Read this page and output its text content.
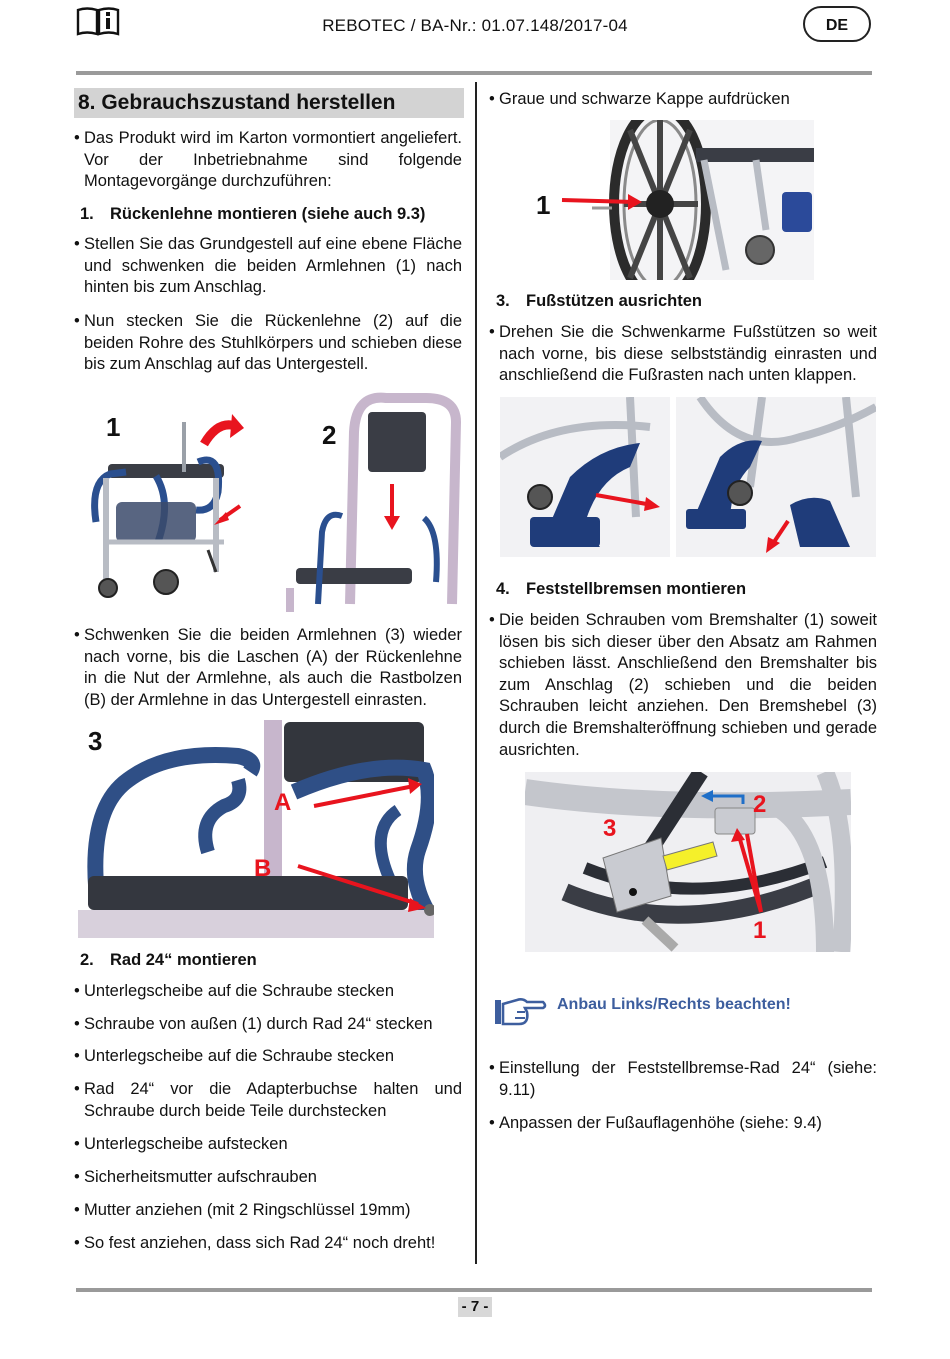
REBOTEC / BA-Nr.: 01.07.148/2017-04	DE
8. Gebrauchszustand herstellen
• Das Produkt wird im Karton vormontiert angeliefert. Vor der Inbetriebnahme sind folgende Montagevorgänge durchzuführen:
1. Rückenlehne montieren (siehe auch 9.3)
• Stellen Sie das Grundgestell auf eine ebene Fläche und schwenken die beiden Armlehnen (1) nach hinten bis zum Anschlag.
• Nun stecken Sie die Rückenlehne (2) auf die beiden Rohre des Stuhlkörpers und schieben diese bis zum Anschlag auf das Untergestell.
1	2
• Schwenken Sie die beiden Armlehnen (3) wieder nach vorne, bis die Laschen (A) der Rückenlehne in die Nut der Armlehne, als auch die Rastbolzen (B) der Armlehne in das Untergestell einrasten.
3
A
B
2. Rad 24“ montieren
• Unterlegscheibe auf die Schraube stecken
• Schraube von außen (1) durch Rad 24“ stecken
• Unterlegscheibe auf die Schraube stecken
• Rad 24“ vor die Adapterbuchse halten und Schraube durch beide Teile durchstecken
• Unterlegscheibe aufstecken
• Sicherheitsmutter aufschrauben
• Mutter anziehen (mit 2 Ringschlüssel 19mm)
• So fest anziehen, dass sich Rad 24“ noch dreht!
• Graue und schwarze Kappe aufdrücken
1
3. Fußstützen ausrichten
• Drehen Sie die Schwenkarme Fußstützen so weit nach vorne, bis diese selbstständig einrasten und anschließend die Fußrasten nach unten klappen.
4. Feststellbremsen montieren
• Die beiden Schrauben vom Bremshalter (1) soweit lösen bis sich dieser über den Absatz am Rahmen schieben lässt. Anschließend den Bremshalter bis zum Anschlag (2) schieben und die beiden Schrauben leicht anziehen. Den Bremshebel (3) durch die Bremshalteröffnung schieben und gerade ausrichten.
2
3
1
Anbau Links/Rechts beachten!
• Einstellung der Feststellbremse-Rad 24“ (siehe: 9.11)
• Anpassen der Fußauflagenhöhe (siehe: 9.4)
- 7 -
